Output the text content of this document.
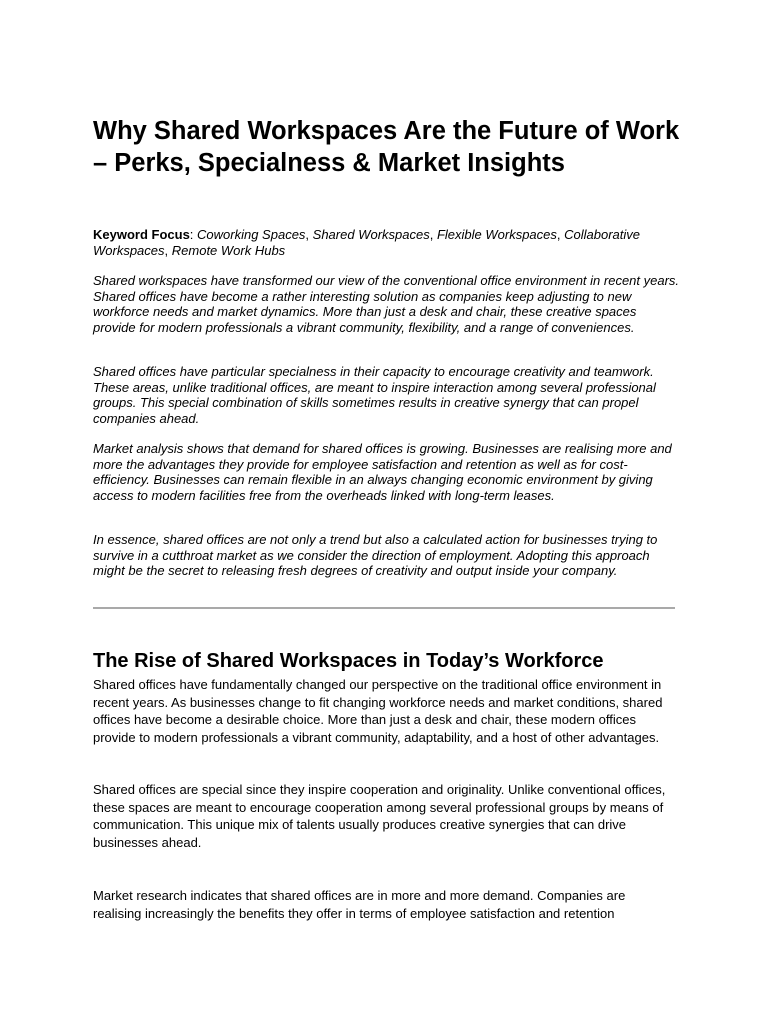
Why Shared Workspaces Are the Future of Work – Perks, Specialness & Market Insights

Keyword Focus: Coworking Spaces, Shared Workspaces, Flexible Workspaces, Collaborative Workspaces, Remote Work Hubs

Shared workspaces have transformed our view of the conventional office environment in recent years. Shared offices have become a rather interesting solution as companies keep adjusting to new workforce needs and market dynamics. More than just a desk and chair, these creative spaces provide for modern professionals a vibrant community, flexibility, and a range of conveniences.

Shared offices have particular specialness in their capacity to encourage creativity and teamwork. These areas, unlike traditional offices, are meant to inspire interaction among several professional groups. This special combination of skills sometimes results in creative synergy that can propel companies ahead.

Market analysis shows that demand for shared offices is growing. Businesses are realising more and more the advantages they provide for employee satisfaction and retention as well as for cost-efficiency. Businesses can remain flexible in an always changing economic environment by giving access to modern facilities free from the overheads linked with long-term leases.

In essence, shared offices are not only a trend but also a calculated action for businesses trying to survive in a cutthroat market as we consider the direction of employment. Adopting this approach might be the secret to releasing fresh degrees of creativity and output inside your company.

The Rise of Shared Workspaces in Today’s Workforce

Shared offices have fundamentally changed our perspective on the traditional office environment in recent years. As businesses change to fit changing workforce needs and market conditions, shared offices have become a desirable choice. More than just a desk and chair, these modern offices provide to modern professionals a vibrant community, adaptability, and a host of other advantages.

Shared offices are special since they inspire cooperation and originality. Unlike conventional offices, these spaces are meant to encourage cooperation among several professional groups by means of communication. This unique mix of talents usually produces creative synergies that can drive businesses ahead.

Market research indicates that shared offices are in more and more demand. Companies are realising increasingly the benefits they offer in terms of employee satisfaction and retention
